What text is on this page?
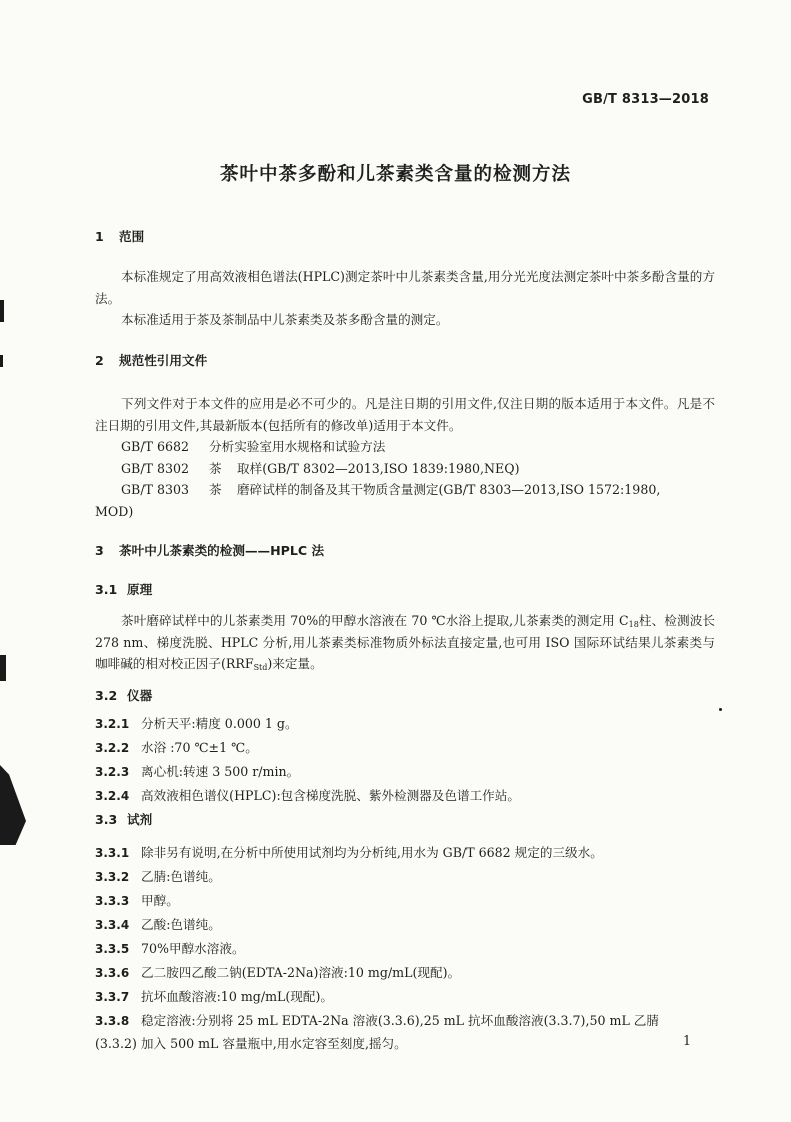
GB/T 8313—2018
茶叶中茶多酚和儿茶素类含量的检测方法
1 范围
本标准规定了用高效液相色谱法(HPLC)测定茶叶中儿茶素类含量,用分光光度法测定茶叶中茶多酚含量的方法。
本标准适用于茶及茶制品中儿茶素类及茶多酚含量的测定。
2 规范性引用文件
下列文件对于本文件的应用是必不可少的。凡是注日期的引用文件,仅注日期的版本适用于本文件。凡是不注日期的引用文件,其最新版本(包括所有的修改单)适用于本文件。
GB/T 6682 分析实验室用水规格和试验方法
GB/T 8302 茶 取样(GB/T 8302—2013,ISO 1839:1980,NEQ)
GB/T 8303 茶 磨碎试样的制备及其干物质含量测定(GB/T 8303—2013,ISO 1572:1980,
MOD)
3 茶叶中儿茶素类的检测——HPLC 法
3.1 原理
茶叶磨碎试样中的儿茶素类用 70%的甲醇水溶液在 70 ℃水浴上提取,儿茶素类的测定用 $C_{18}$柱、检测波长 278 nm、梯度洗脱、HPLC 分析,用儿茶素类标准物质外标法直接定量,也可用 ISO 国际环试结果儿茶素类与咖啡碱的相对校正因子$(RRF_{Std})$来定量。
3.2 仪器
3.2.1 分析天平:精度 0.000 1 g。
3.2.2 水浴 :70 ℃±1 ℃。
3.2.3 离心机:转速 3 500 r/min。
3.2.4 高效液相色谱仪(HPLC):包含梯度洗脱、紫外检测器及色谱工作站。
3.3 试剂
3.3.1 除非另有说明,在分析中所使用试剂均为分析纯,用水为 GB/T 6682 规定的三级水。
3.3.2 乙腈:色谱纯。
3.3.3 甲醇。
3.3.4 乙酸:色谱纯。
3.3.5 70%甲醇水溶液。
3.3.6 乙二胺四乙酸二钠(EDTA-2Na)溶液:10 mg/mL(现配)。
3.3.7 抗坏血酸溶液:10 mg/mL(现配)。
3.3.8 稳定溶液:分别将 25 mL EDTA-2Na 溶液(3.3.6),25 mL 抗坏血酸溶液(3.3.7),50 mL 乙腈
(3.3.2) 加入 500 mL 容量瓶中,用水定容至刻度,摇匀。	1
